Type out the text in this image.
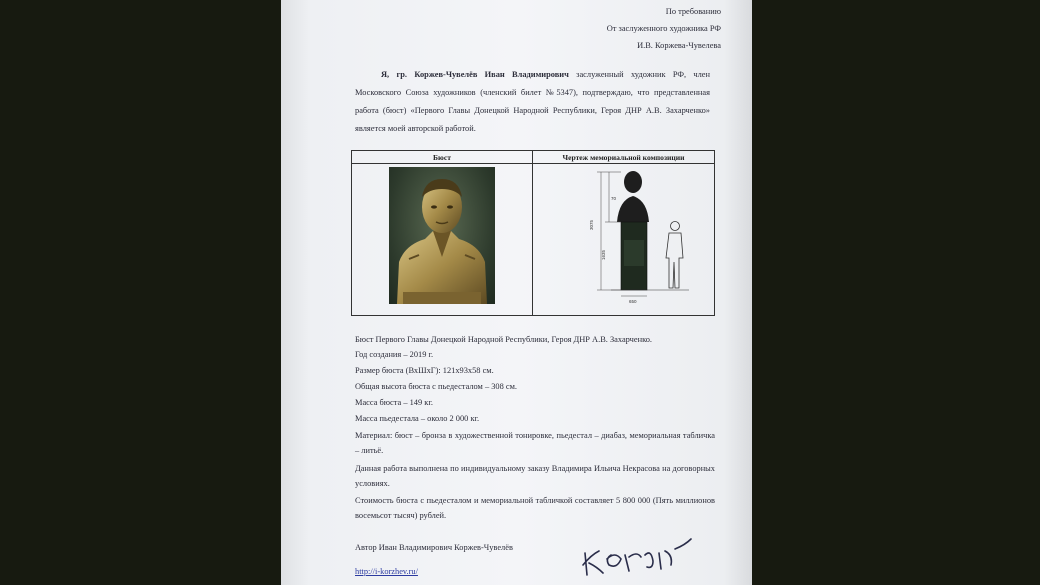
По требованию
От заслуженного художника РФ
И.В. Коржева-Чувелева
Я, гр. Коржев-Чувелёв Иван Владимирович заслуженный художник РФ, член Московского Союза художников (членский билет №5347), подтверждаю, что представленная работа (бюст) «Первого Главы Донецкой Народной Республики, Героя ДНР А.В. Захарченко» является моей авторской работой.
Бюст	Чертеж мемориальной композиции

70
3075
1635
650
Бюст Первого Главы Донецкой Народной Республики, Героя ДНР А.В. Захарченко.
Год создания – 2019 г.
Размер бюста (ВхШхГ): 121х93х58 см.
Общая высота бюста с пьедесталом – 308 см.
Масса бюста – 149 кг.
Масса пьедестала – около 2 000 кг.
Материал: бюст – бронза в художественной тонировке, пьедестал – диабаз, мемориальная табличка – литьё.
Данная работа выполнена по индивидуальному заказу Владимира Ильича Некрасова на договорных условиях.
Стоимость бюста с пьедесталом и мемориальной табличкой составляет 5 800 000 (Пять миллионов восемьсот тысяч) рублей.
Автор Иван Владимирович Коржев-Чувелёв
http://i-korzhev.ru/
